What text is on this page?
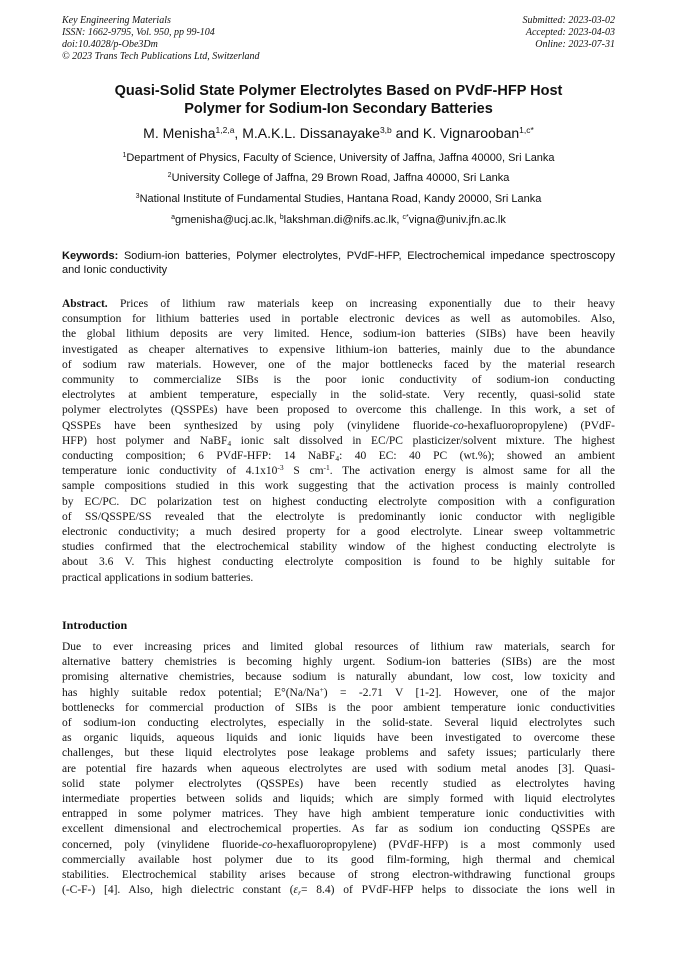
Key Engineering Materials
ISSN: 1662-9795, Vol. 950, pp 99-104
doi:10.4028/p-Obe3Dm
© 2023 Trans Tech Publications Ltd, Switzerland
Submitted: 2023-03-02
Accepted: 2023-04-03
Online: 2023-07-31
Quasi-Solid State Polymer Electrolytes Based on PVdF-HFP Host
Polymer for Sodium-Ion Secondary Batteries
M. Menisha$^{1,2,a}$, M.A.K.L. Dissanayake$^{3,b}$ and K. Vignarooban$^{1,c*}$
$^1$Department of Physics, Faculty of Science, University of Jaffna, Jaffna 40000, Sri Lanka
$^2$University College of Jaffna, 29 Brown Road, Jaffna 40000, Sri Lanka
$^3$National Institute of Fundamental Studies, Hantana Road, Kandy 20000, Sri Lanka
$^a$gmenisha@ucj.ac.lk, $^b$lakshman.di@nifs.ac.lk, $^{c*}$vigna@univ.jfn.ac.lk
Keywords: Sodium-ion batteries, Polymer electrolytes, PVdF-HFP, Electrochemical impedance spectroscopy and Ionic conductivity
Abstract. Prices of lithium raw materials keep on increasing exponentially due to their heavy
consumption for lithium batteries used in portable electronic devices as well as automobiles. Also,
the global lithium deposits are very limited. Hence, sodium-ion batteries (SIBs) have been heavily
investigated as cheaper alternatives to expensive lithium-ion batteries, mainly due to the abundance
of sodium raw materials. However, one of the major bottlenecks faced by the material research
community to commercialize SIBs is the poor ionic conductivity of sodium-ion conducting
electrolytes at ambient temperature, especially in the solid-state. Very recently, quasi-solid state
polymer electrolytes (QSSPEs) have been proposed to overcome this challenge. In this work, a set of
QSSPEs have been synthesized by using poly (vinylidene fluoride-co-hexafluoropropylene) (PVdF-
HFP) host polymer and NaBF$_4$ ionic salt dissolved in EC/PC plasticizer/solvent mixture. The highest
conducting composition; 6 PVdF-HFP: 14 NaBF$_4$: 40 EC: 40 PC (wt.%); showed an ambient
temperature ionic conductivity of $4.1x10^{-3}$ S $cm^{-1}$. The activation energy is almost same for all the
sample compositions studied in this work suggesting that the activation process is mainly controlled
by EC/PC. DC polarization test on highest conducting electrolyte composition with a configuration
of SS/QSSPE/SS revealed that the electrolyte is predominantly ionic conductor with negligible
electronic conductivity; a much desired property for a good electrolyte. Linear sweep voltammetric
studies confirmed that the electrochemical stability window of the highest conducting electrolyte is
about 3.6 V. This highest conducting electrolyte composition is found to be highly suitable for
practical applications in sodium batteries.
Introduction
Due to ever increasing prices and limited global resources of lithium raw materials, search for
alternative battery chemistries is becoming highly urgent. Sodium-ion batteries (SIBs) are the most
promising alternative chemistries, because sodium is naturally abundant, low cost, low toxicity and
has highly suitable redox potential; E°(Na/Na+) = -2.71 V [1-2]. However, one of the major
bottlenecks for commercial production of SIBs is the poor ambient temperature ionic conductivities
of sodium-ion conducting electrolytes, especially in the solid-state. Several liquid electrolytes such
as organic liquids, aqueous liquids and ionic liquids have been investigated to overcome these
challenges, but these liquid electrolytes pose leakage problems and safety issues; particularly there
are potential fire hazards when aqueous electrolytes are used with sodium metal anodes [3]. Quasi-
solid state polymer electrolytes (QSSPEs) have been recently studied as electrolytes having
intermediate properties between solids and liquids; which are simply formed with liquid electrolytes
entrapped in some polymer matrices. They have high ambient temperature ionic conductivities with
excellent dimensional and electrochemical properties. As far as sodium ion conducting QSSPEs are
concerned, poly (vinylidene fluoride-co-hexafluoropropylene) (PVdF-HFP) is a most commonly used
commercially available host polymer due to its good film-forming, high thermal and chemical
stabilities. Electrochemical stability arises because of strong electron-withdrawing functional groups
(-C-F-) [4]. Also, high dielectric constant $(\varepsilon_r= 8.4)$ of PVdF-HFP helps to dissociate the ions well in
